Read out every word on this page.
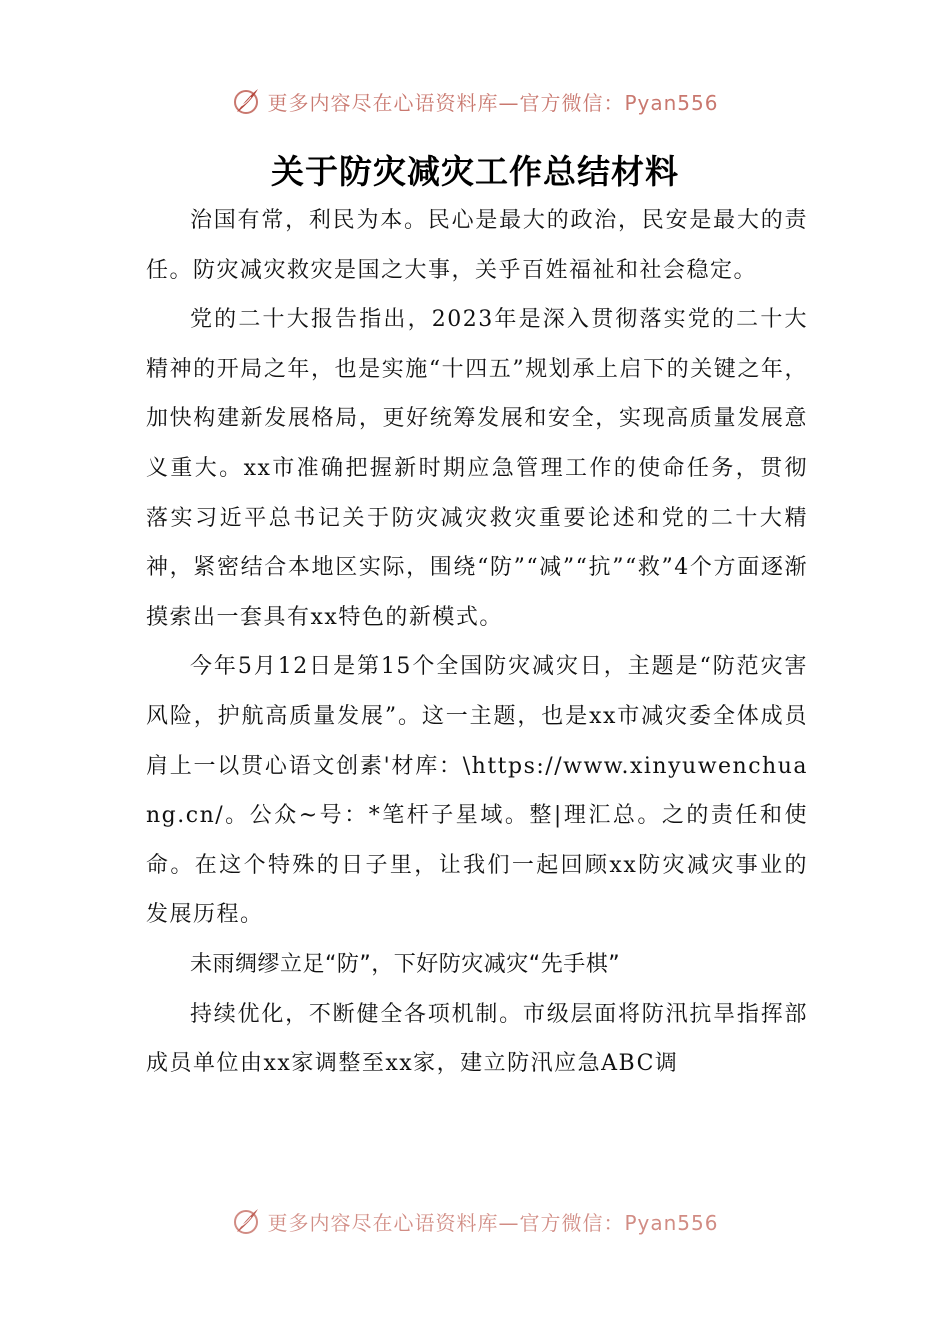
更多内容尽在心语资料库—官方微信：Pyan556
关于防灾减灾工作总结材料

治国有常，利民为本。民心是最大的政治，民安是最大的责任。防灾减灾救灾是国之大事，关乎百姓福祉和社会稳定。

党的二十大报告指出，2023年是深入贯彻落实党的二十大精神的开局之年，也是实施“十四五”规划承上启下的关键之年，加快构建新发展格局，更好统筹发展和安全，实现高质量发展意义重大。xx市准确把握新时期应急管理工作的使命任务，贯彻落实习近平总书记关于防灾减灾救灾重要论述和党的二十大精神，紧密结合本地区实际，围绕“防”“减”“抗”“救”4个方面逐渐摸索出一套具有xx特色的新模式。

今年5月12日是第15个全国防灾减灾日，主题是“防范灾害风险，护航高质量发展”。这一主题，也是xx市减灾委全体成员肩上一以贯心语文创素'材库：\https://www.xinyuwenchuang.cn/。公众~号：*笔杆子星域。整|理汇总。之的责任和使命。在这个特殊的日子里，让我们一起回顾xx防灾减灾事业的发展历程。

未雨绸缪立足“防”，下好防灾减灾“先手棋”

持续优化，不断健全各项机制。市级层面将防汛抗旱指挥部成员单位由xx家调整至xx家，建立防汛应急ABC调

更多内容尽在心语资料库—官方微信：Pyan556
